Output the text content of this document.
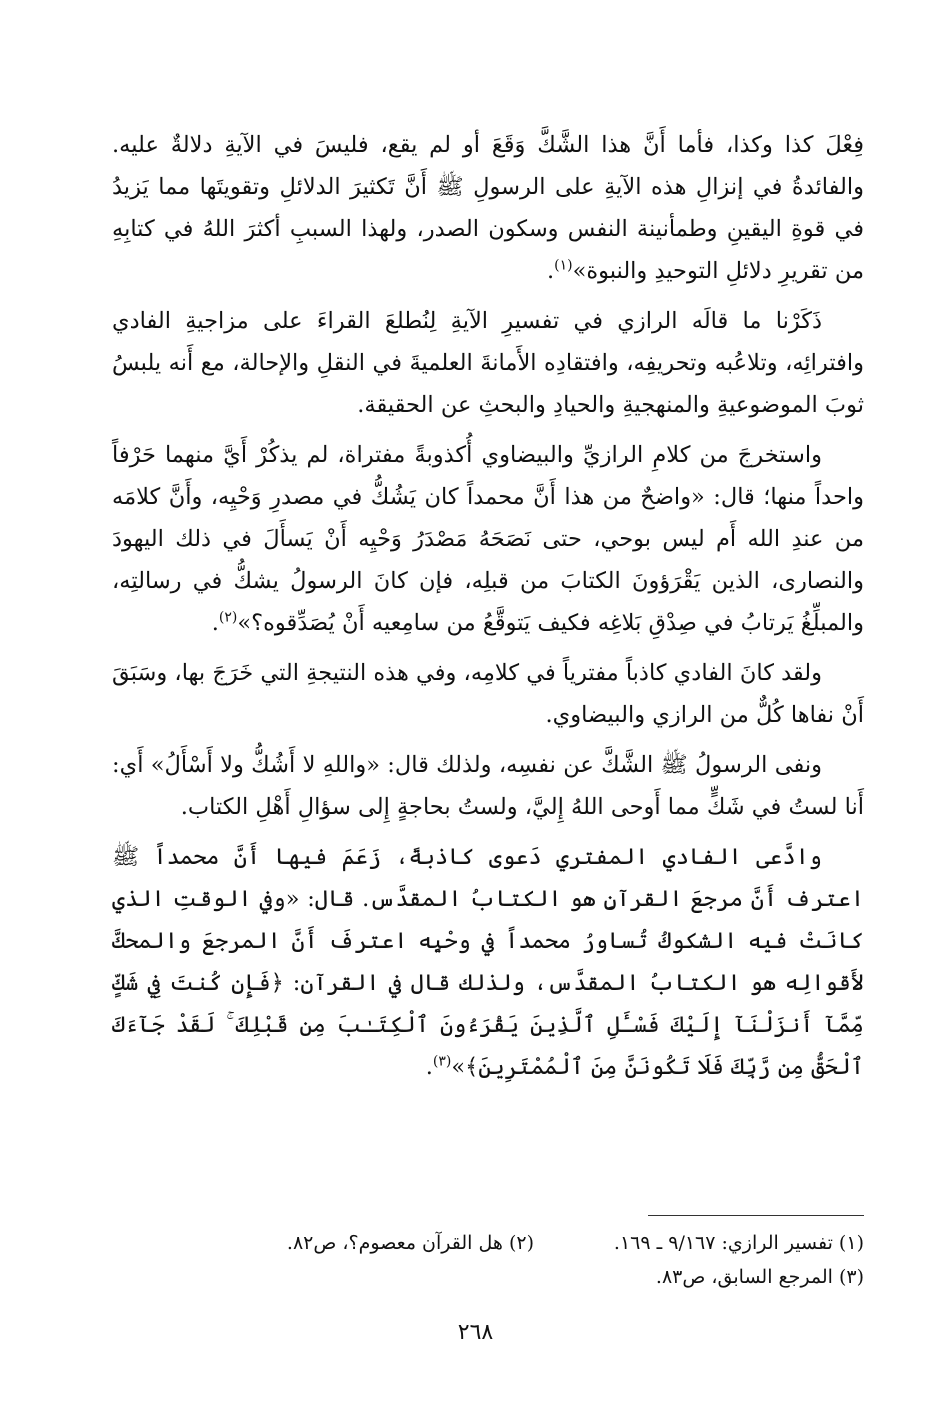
فِعْلَ كذا وكذا، فأما أَنَّ هذا الشَّكَّ وَقَعَ أو لم يقع، فليسَ في الآيةِ دلالةٌ عليه. والفائدةُ في إنزالِ هذه الآيةِ على الرسولِ ﷺ أَنَّ تَكثيرَ الدلائلِ وتقويتَها مما يَزيدُ في قوةِ اليقينِ وطمأنينة النفس وسكون الصدر، ولهذا السببِ أكثرَ اللهُ في كتابِهِ من تقريرِ دلائلِ التوحيدِ والنبوة»$^{(١)}$.

ذَكَرْنا ما قالَه الرازي في تفسيرِ الآيةِ لِنُطلعَ القراءَ على مزاجيةِ الفادي وافترائِه، وتلاعُبه وتحريفِه، وافتقادِه الأَمانةَ العلميةَ في النقلِ والإحالة، مع أَنه يلبسُ ثوبَ الموضوعيةِ والمنهجيةِ والحيادِ والبحثِ عن الحقيقة.

واستخرجَ من كلامِ الرازيِّ والبيضاوي أُكذوبةً مفتراة، لم يذكُرْ أَيَّ منهما حَرْفاً واحداً منها؛ قال: «واضحٌ من هذا أَنَّ محمداً كان يَشُكُّ في مصدرِ وَحْيِه، وأَنَّ كلامَه من عندِ الله أَم ليس بوحي، حتى نَصَحَهُ مَصْدَرُ وَحْيِه أَنْ يَسأَلَ في ذلك اليهودَ والنصارى، الذين يَقْرَؤونَ الكتابَ من قبلِه، فإن كانَ الرسولُ يشكُّ في رسالتِه، والمبلِّغُ يَرتابُ في صِدْقِ بَلاغِه فكيف يَتوقَّعُ من سامِعيه أَنْ يُصَدِّقوه؟»$^{(٢)}$.

ولقد كانَ الفادي كاذباً مفترياً في كلامِه، وفي هذه النتيجةِ التي خَرَجَ بها، وسَبَقَ أَنْ نفاها كُلٌّ من الرازي والبيضاوي.

ونفى الرسولُ ﷺ الشَّكَّ عن نفسِه، ولذلك قال: «واللهِ لا أَشُكُّ ولا أَسْأَلُ» أَي: أَنا لستُ في شَكٍّ مما أَوحى اللهُ إِليَّ، ولستُ بحاجةٍ إِلى سؤالِ أَهْلِ الكتاب.

وادَّعى الفادي المفتري دَعوى كاذبةً، زَعَمَ فيها أَنَّ محمداً ﷺ اعترف أَنَّ مرجعَ القرآنِ هو الكتابُ المقدَّس. قال: «وفي الوقتِ الذي كانَتْ فيه الشكوكُ تُساورُ محمداً في وحْيِه اعترفَ أَنَّ المرجعَ والمحكَّ لأَقوالِه هو الكتابُ المقدَّس، ولذلك قال في القرآن: ﴿فَإِن كُنتَ فِي شَكٍّ مِّمَّآ أَنزَلْنَآ إِلَيْكَ فَسْـَٔلِ ٱلَّذِينَ يَقْرَءُونَ ٱلْكِتَـٰبَ مِن قَبْلِكَ ۚ لَقَدْ جَآءَكَ ٱلْحَقُّ مِن رَّبِّكَ فَلَا تَكُونَنَّ مِنَ ٱلْمُمْتَرِينَ﴾»$^{(٣)}$.

(١) تفسير الرازي: ٩/١٦٧ ـ ١٦٩.
(٢) هل القرآن معصوم؟، ص٨٢.
(٣) المرجع السابق، ص٨٣.
٢٦٨
